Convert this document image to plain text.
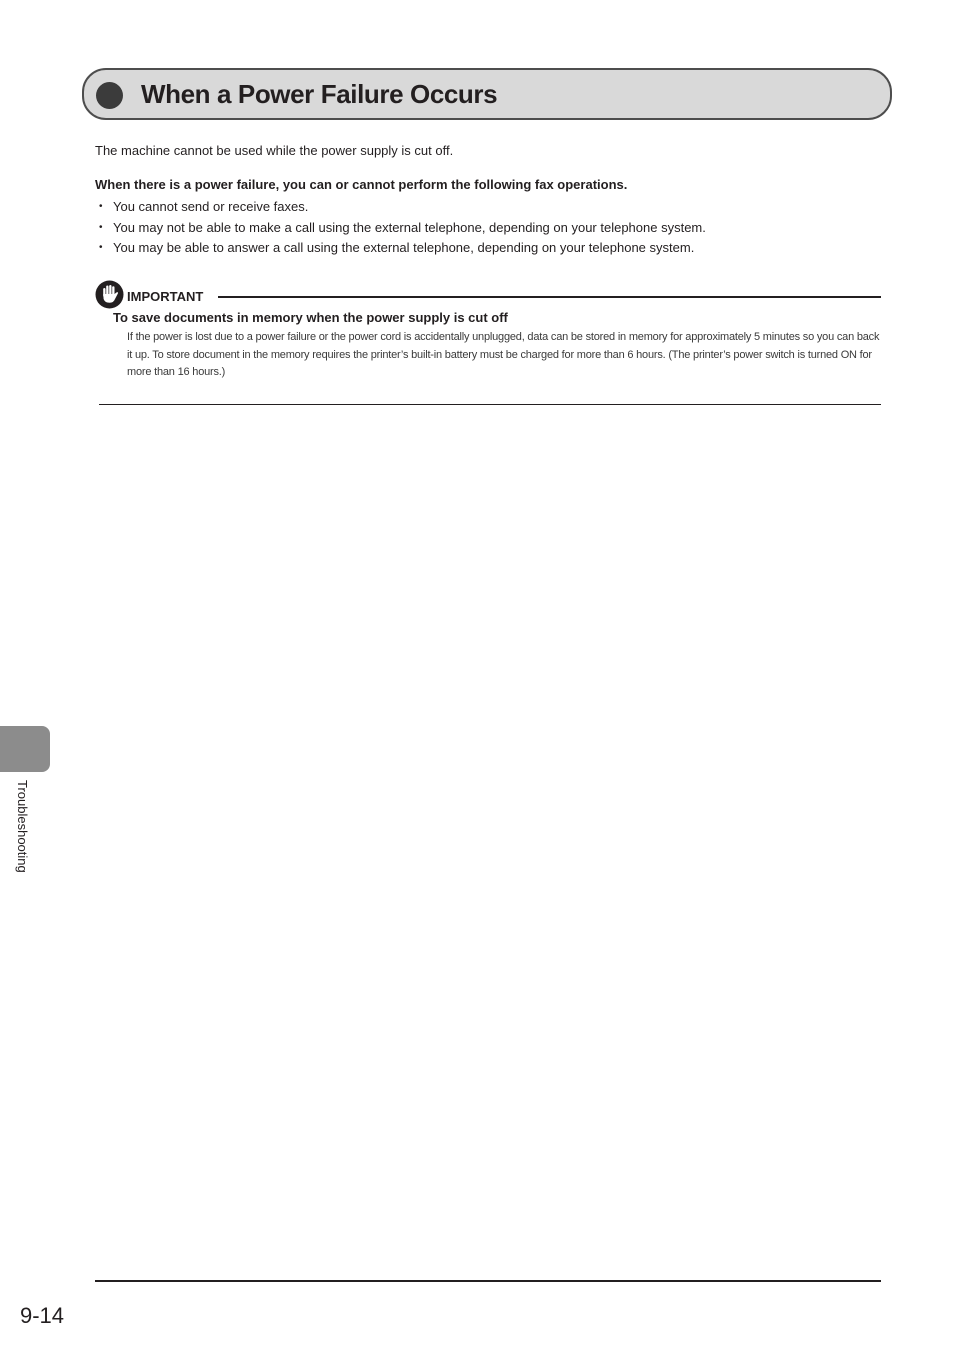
When a Power Failure Occurs
The machine cannot be used while the power supply is cut off.
When there is a power failure, you can or cannot perform the following fax operations.
• You cannot send or receive faxes.
• You may not be able to make a call using the external telephone, depending on your telephone system.
• You may be able to answer a call using the external telephone, depending on your telephone system.
IMPORTANT
To save documents in memory when the power supply is cut off
If the power is lost due to a power failure or the power cord is accidentally unplugged, data can be stored in memory for approximately 5 minutes so you can back it up. To store document in the memory requires the printer’s built-in battery must be charged for more than 6 hours. (The printer’s power switch is turned ON for more than 16 hours.)
Troubleshooting
9-14
